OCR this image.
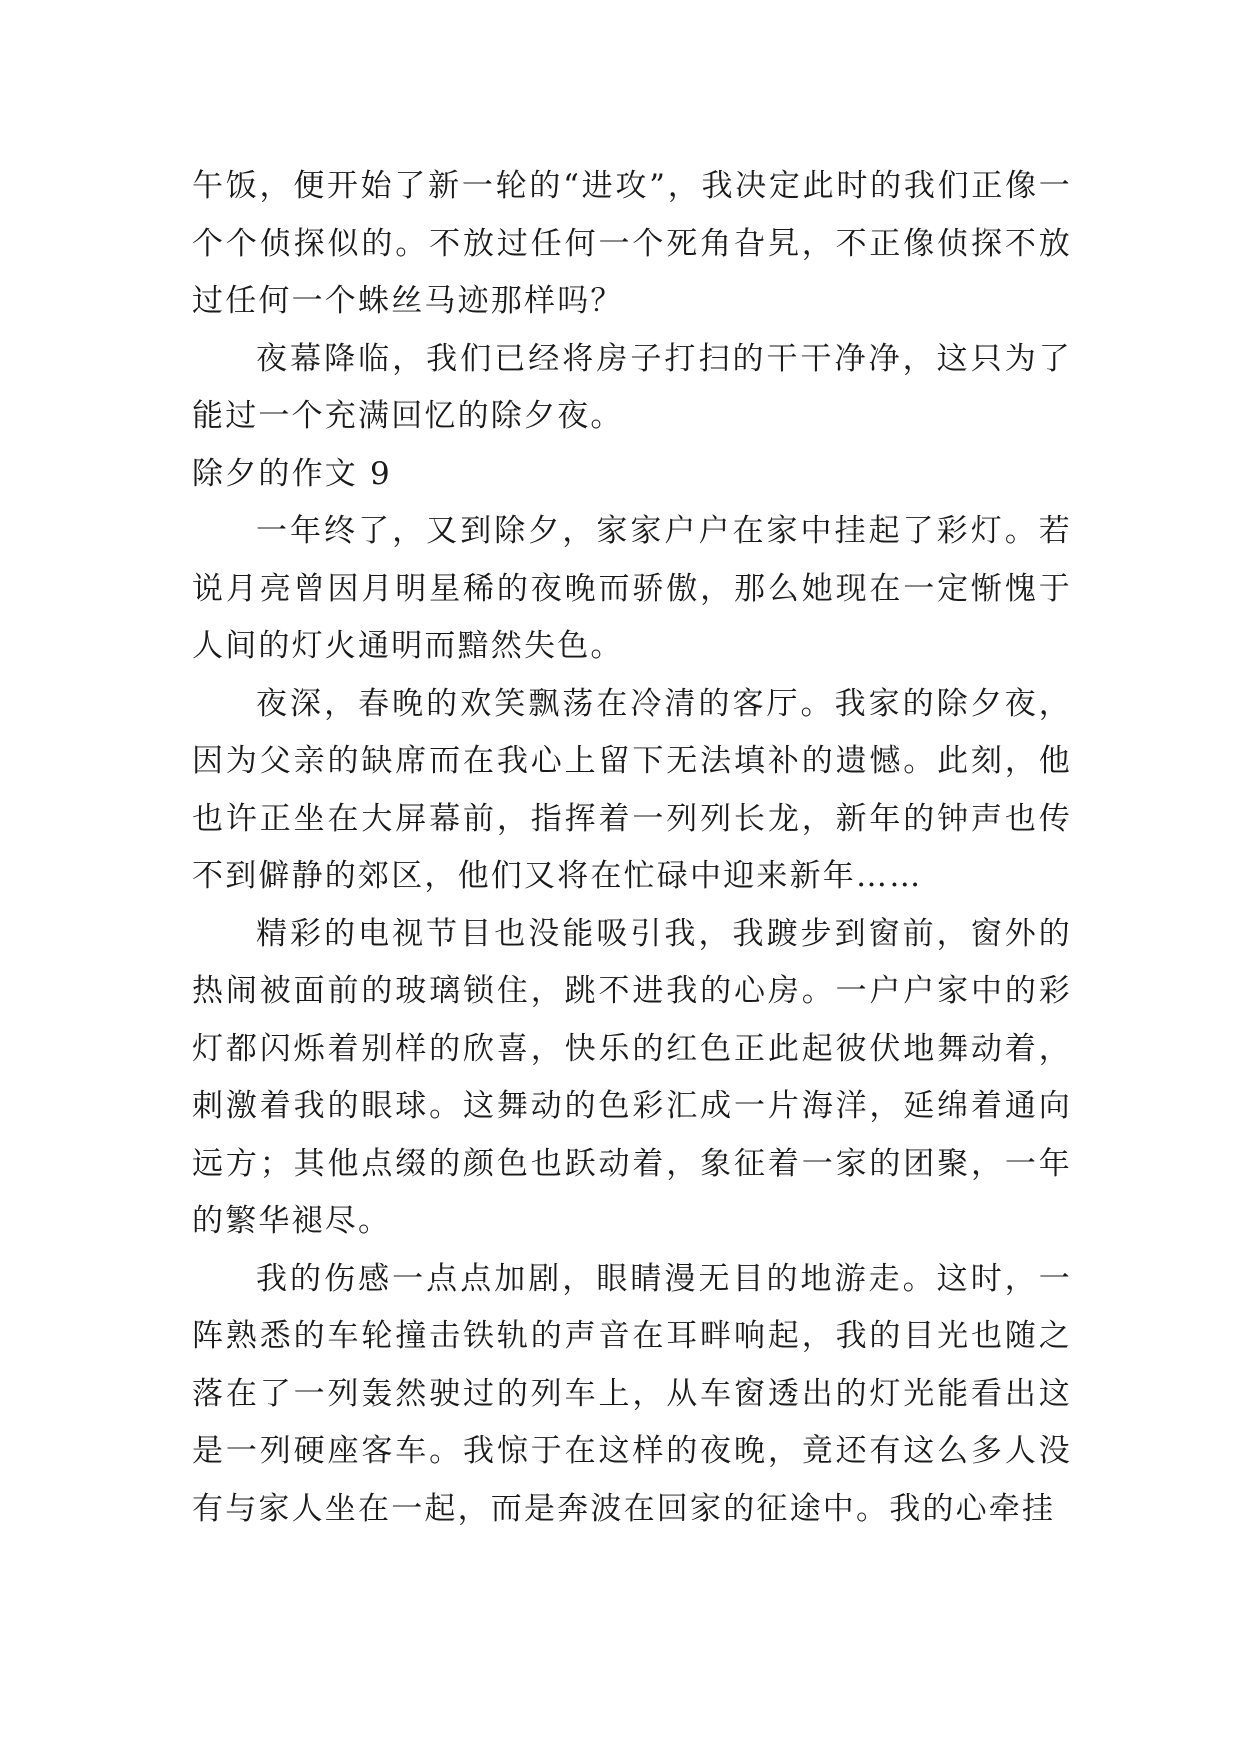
午饭，便开始了新一轮的“进攻”，我决定此时的我们正像一个个侦探似的。不放过任何一个死角旮旯，不正像侦探不放过任何一个蛛丝马迹那样吗？

夜幕降临，我们已经将房子打扫的干干净净，这只为了能过一个充满回忆的除夕夜。

除夕的作文 9

一年终了，又到除夕，家家户户在家中挂起了彩灯。若说月亮曾因月明星稀的夜晚而骄傲，那么她现在一定惭愧于人间的灯火通明而黯然失色。

夜深，春晚的欢笑飘荡在冷清的客厅。我家的除夕夜，因为父亲的缺席而在我心上留下无法填补的遗憾。此刻，他也许正坐在大屏幕前，指挥着一列列长龙，新年的钟声也传不到僻静的郊区，他们又将在忙碌中迎来新年……

精彩的电视节目也没能吸引我，我踱步到窗前，窗外的热闹被面前的玻璃锁住，跳不进我的心房。一户户家中的彩灯都闪烁着别样的欣喜，快乐的红色正此起彼伏地舞动着，刺激着我的眼球。这舞动的色彩汇成一片海洋，延绵着通向远方；其他点缀的颜色也跃动着，象征着一家的团聚，一年的繁华褪尽。

我的伤感一点点加剧，眼睛漫无目的地游走。这时，一阵熟悉的车轮撞击铁轨的声音在耳畔响起，我的目光也随之落在了一列轰然驶过的列车上，从车窗透出的灯光能看出这是一列硬座客车。我惊于在这样的夜晚，竟还有这么多人没有与家人坐在一起，而是奔波在回家的征途中。我的心牵挂
